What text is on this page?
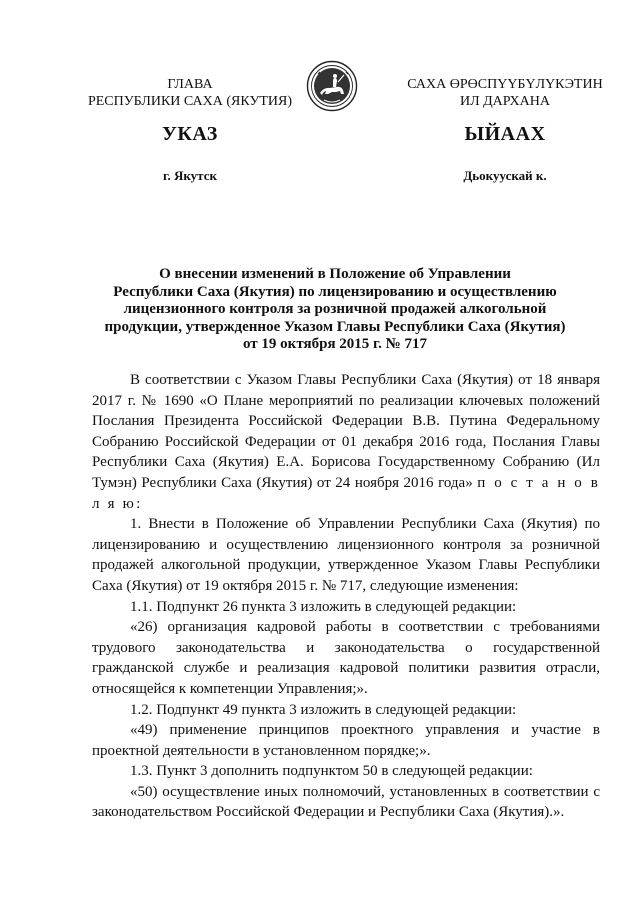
ГЛАВА
РЕСПУБЛИКИ САХА (ЯКУТИЯ)
САХА ӨРӨСПҮҮБҮЛҮКЭТИН
ИЛ ДАРХАНА
УКАЗ	ЫЙААХ
г. Якутск	Дьокуускай к.
О внесении изменений в Положение об Управлении
Республики Саха (Якутия) по лицензированию и осуществлению
лицензионного контроля за розничной продажей алкогольной
продукции, утвержденное Указом Главы Республики Саха (Якутия)
от 19 октября 2015 г. № 717

В соответствии с Указом Главы Республики Саха (Якутия) от 18 января 2017 г. № 1690 «О Плане мероприятий по реализации ключевых положений Послания Президента Российской Федерации В.В. Путина Федеральному Собранию Российской Федерации от 01 декабря 2016 года, Послания Главы Республики Саха (Якутия) Е.А. Борисова Государственному Собранию (Ил Тумэн) Республики Саха (Якутия) от 24 ноября 2016 года» п о с т а н о в л я ю:

1. Внести в Положение об Управлении Республики Саха (Якутия) по лицензированию и осуществлению лицензионного контроля за розничной продажей алкогольной продукции, утвержденное Указом Главы Республики Саха (Якутия) от 19 октября 2015 г. № 717, следующие изменения:

1.1. Подпункт 26 пункта 3 изложить в следующей редакции:

«26) организация кадровой работы в соответствии с требованиями трудового законодательства и законодательства о государственной гражданской службе и реализация кадровой политики развития отрасли, относящейся к компетенции Управления;».

1.2. Подпункт 49 пункта 3 изложить в следующей редакции:

«49) применение принципов проектного управления и участие в проектной деятельности в установленном порядке;».

1.3. Пункт 3 дополнить подпунктом 50 в следующей редакции:

«50) осуществление иных полномочий, установленных в соответствии с законодательством Российской Федерации и Республики Саха (Якутия).».
